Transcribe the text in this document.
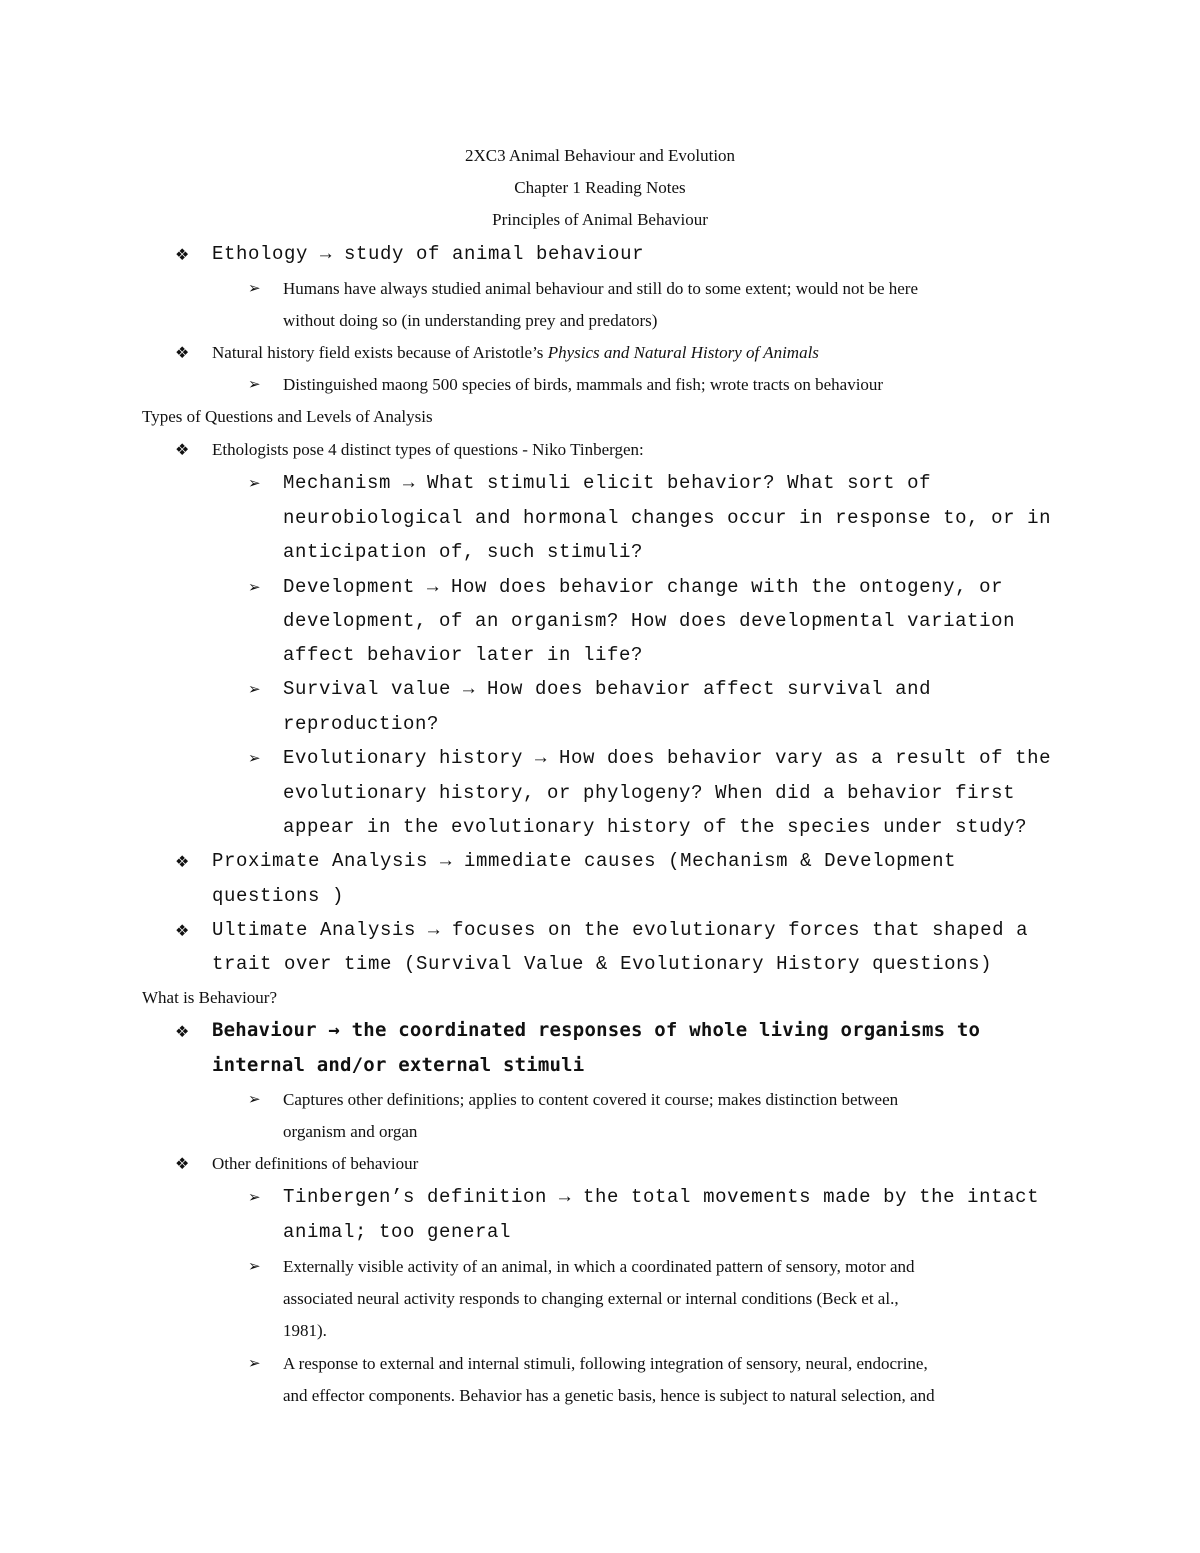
2XC3 Animal Behaviour and Evolution
Chapter 1 Reading Notes
Principles of Animal Behaviour
❖ Ethology → study of animal behaviour
➢ Humans have always studied animal behaviour and still do to some extent; would not be here
without doing so (in understanding prey and predators)
❖ Natural history field exists because of Aristotle’s Physics and Natural History of Animals
➢ Distinguished maong 500 species of birds, mammals and fish; wrote tracts on behaviour
Types of Questions and Levels of Analysis
❖ Ethologists pose 4 distinct types of questions - Niko Tinbergen:
➢ Mechanism → What stimuli elicit behavior? What sort of
neurobiological and hormonal changes occur in response to, or in
anticipation of, such stimuli?
➢ Development → How does behavior change with the ontogeny, or
development, of an organism? How does developmental variation
affect behavior later in life?
➢ Survival value → How does behavior affect survival and
reproduction?
➢ Evolutionary history → How does behavior vary as a result of the
evolutionary history, or phylogeny? When did a behavior first
appear in the evolutionary history of the species under study?
❖ Proximate Analysis → immediate causes (Mechanism & Development
questions )
❖ Ultimate Analysis → focuses on the evolutionary forces that shaped a
trait over time (Survival Value & Evolutionary History questions)
What is Behaviour?
❖ Behaviour → the coordinated responses of whole living organisms to
internal and/or external stimuli
➢ Captures other definitions; applies to content covered it course; makes distinction between
organism and organ
❖ Other definitions of behaviour
➢ Tinbergen’s definition → the total movements made by the intact
animal; too general
➢ Externally visible activity of an animal, in which a coordinated pattern of sensory, motor and
associated neural activity responds to changing external or internal conditions (Beck et al.,
1981).
➢ A response to external and internal stimuli, following integration of sensory, neural, endocrine,
and effector components. Behavior has a genetic basis, hence is subject to natural selection, and
